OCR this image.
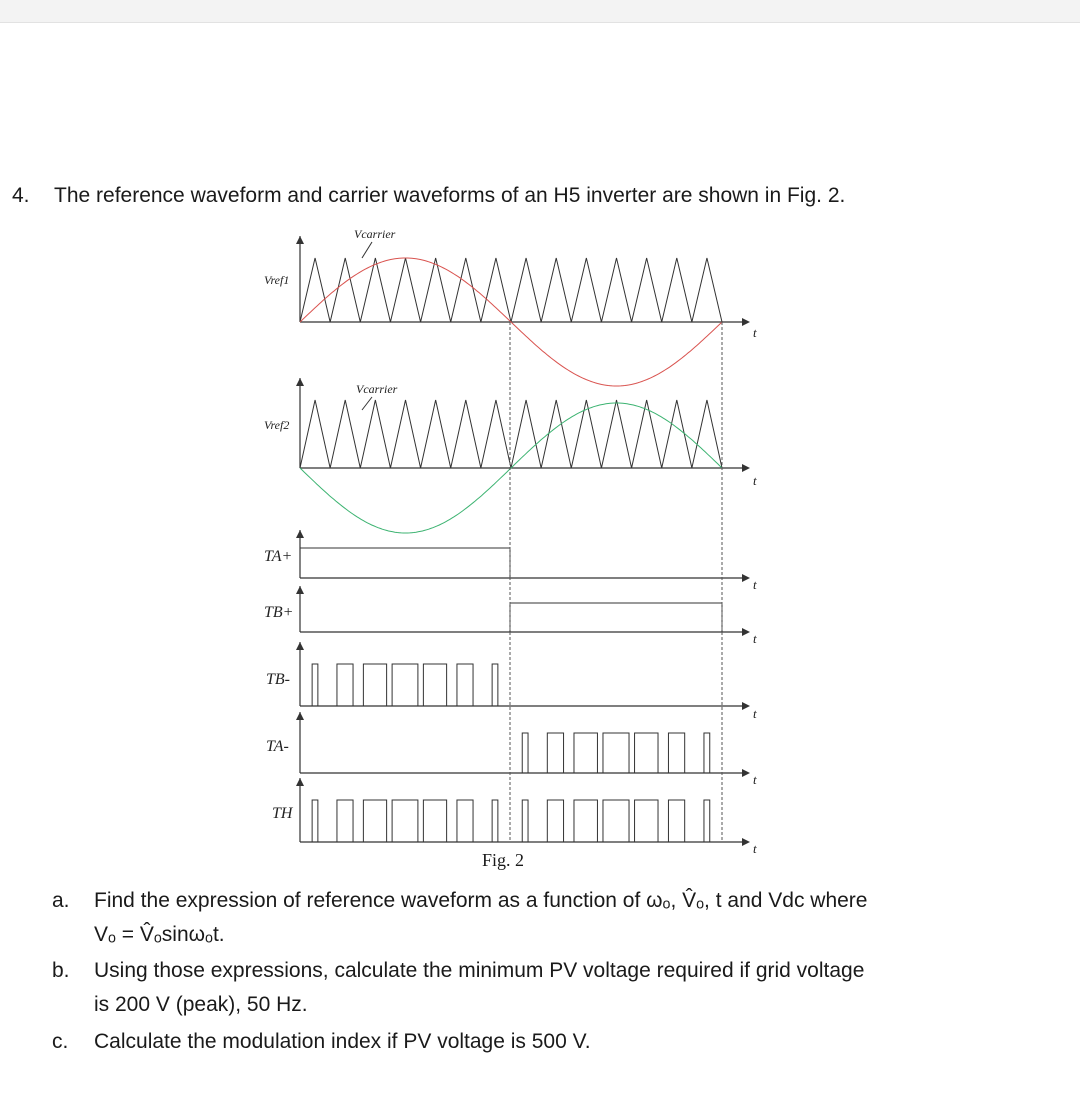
4. The reference waveform and carrier waveforms of an H5 inverter are shown in Fig. 2.
Vref1
Vref2
Vcarrier
Vcarrier
TA+
TB+
TB-
TA-
TH
t
t
t
t
t
t
t
Fig. 2
a. Find the expression of reference waveform as a function of ωₒ, V̂ₒ, t and Vdc where
Vₒ = V̂ₒsinωₒt.
b. Using those expressions, calculate the minimum PV voltage required if grid voltage
is 200 V (peak), 50 Hz.
c. Calculate the modulation index if PV voltage is 500 V.
